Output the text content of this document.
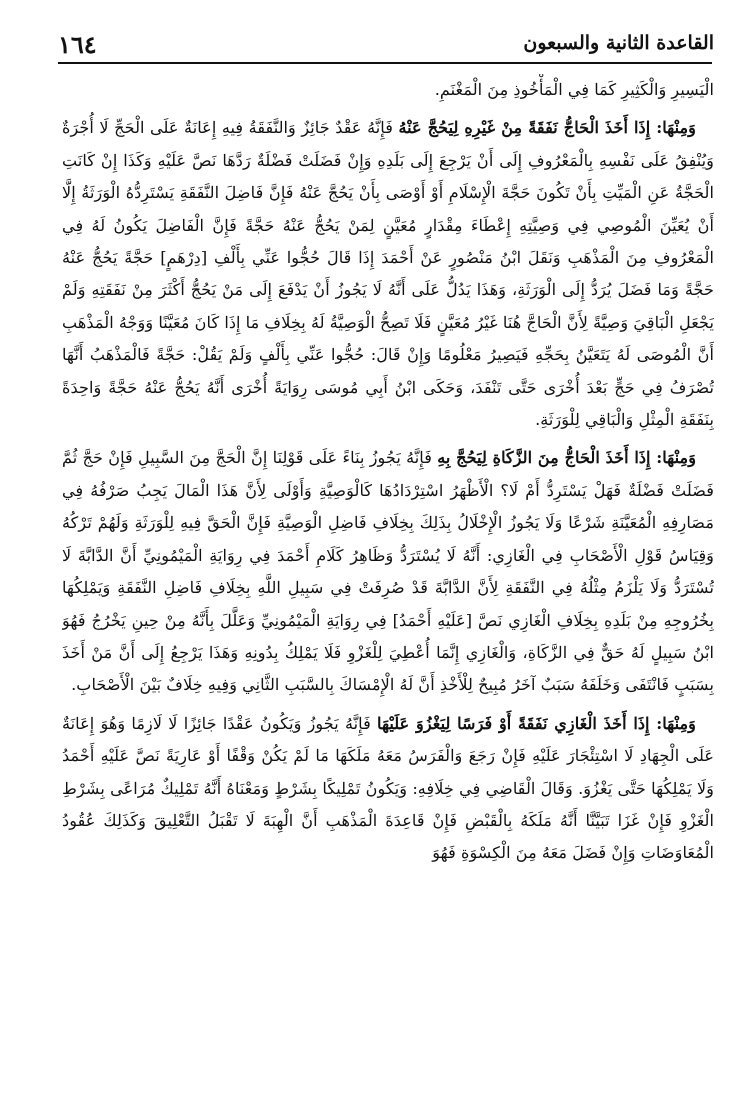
١٦٤	القاعدة الثانية والسبعون

الْيَسِيرِ وَالْكَثِيرِ كَمَا فِي الْمَأْخُوذِ مِنَ الْمَغْنَمِ.

وَمِنْهَا: إِذَا أَخَذَ الْحَاجُّ نَفَقَةً مِنْ غَيْرِهِ لِيَحُجَّ عَنْهُ فَإِنَّهُ عَقْدٌ جَائِزٌ وَالنَّفَقَةُ فِيهِ إِعَانَةٌ عَلَى الْحَجِّ لَا أُجْرَةٌ وَيُنْفِقُ عَلَى نَفْسِهِ بِالْمَعْرُوفِ إِلَى أَنْ يَرْجِعَ إِلَى بَلَدِهِ وَإِنْ فَضَلَتْ فَضْلَةٌ رَدَّهَا نَصَّ عَلَيْهِ وَكَذَا إِنْ كَانَتِ الْحَجَّةُ عَنِ الْمَيِّتِ بِأَنْ تَكُونَ حَجَّةَ الْإِسْلَامِ أَوْ أَوْصَى بِأَنْ يَحُجَّ عَنْهُ فَإِنَّ فَاضِلَ النَّفَقَةِ يَسْتَرِدُّهُ الْوَرَثَةُ إِلَّا أَنْ يُعَيِّنَ الْمُوصِي فِي وَصِيَّتِهِ إِعْطَاءَ مِقْدَارٍ مُعَيَّنٍ لِمَنْ يَحُجُّ عَنْهُ حَجَّةً فَإِنَّ الْفَاضِلَ يَكُونُ لَهُ فِي الْمَعْرُوفِ مِنَ الْمَذْهَبِ وَنَقَلَ ابْنُ مَنْصُورٍ عَنْ أَحْمَدَ إِذَا قَالَ حُجُّوا عَنِّي بِأَلْفِ [دِرْهَمٍ] حَجَّةً يَحُجُّ عَنْهُ حَجَّةً وَمَا فَضَلَ يُرَدُّ إِلَى الْوَرَثَةِ، وَهَذَا يَدُلُّ عَلَى أَنَّهُ لَا يَجُوزُ أَنْ يَدْفَعَ إِلَى مَنْ يَحُجُّ أَكْثَرَ مِنْ نَفَقَتِهِ وَلَمْ يَجْعَلِ الْبَاقِيَ وَصِيَّةً لِأَنَّ الْحَاجَّ هُنَا غَيْرُ مُعَيَّنٍ فَلَا تَصِحُّ الْوَصِيَّةُ لَهُ بِخِلَافِ مَا إِذَا كَانَ مُعَيَّنًا وَوَجْهُ الْمَذْهَبِ أَنَّ الْمُوصَى لَهُ يَتَعَيَّنُ بِحَجِّهِ فَيَصِيرُ مَعْلُومًا وَإِنْ قَالَ: حُجُّوا عَنِّي بِأَلْفٍ وَلَمْ يَقُلْ: حَجَّةً فَالْمَذْهَبُ أَنَّهَا تُصْرَفُ فِي حَجٍّ بَعْدَ أُخْرَى حَتَّى تَنْفَدَ، وَحَكَى ابْنُ أَبِي مُوسَى رِوَايَةً أُخْرَى أَنَّهُ يَحُجُّ عَنْهُ حَجَّةً وَاحِدَةً بِنَفَقَةِ الْمِثْلِ وَالْبَاقِي لِلْوَرَثَةِ.

وَمِنْهَا: إِذَا أَخَذَ الْحَاجُّ مِنَ الزَّكَاةِ لِيَحُجَّ بِهِ فَإِنَّهُ يَجُوزُ بِنَاءً عَلَى قَوْلِنَا إِنَّ الْحَجَّ مِنَ السَّبِيلِ فَإِنْ حَجَّ ثُمَّ فَضَلَتْ فَضْلَةٌ فَهَلْ يَسْتَرِدُّ أَمْ لَا؟ الْأَظْهَرُ اسْتِرْدَادُهَا كَالْوَصِيَّةِ وَأَوْلَى لِأَنَّ هَذَا الْمَالَ يَجِبُ صَرْفُهُ فِي مَصَارِفِهِ الْمُعَيَّنَةِ شَرْعًا وَلَا يَجُوزُ الْإِخْلَالُ بِذَلِكَ بِخِلَافِ فَاضِلِ الْوَصِيَّةِ فَإِنَّ الْحَقَّ فِيهِ لِلْوَرَثَةِ وَلَهُمْ تَرْكُهُ وَقِيَاسُ قَوْلِ الْأَصْحَابِ فِي الْغَازِي: أَنَّهُ لَا يُسْتَرَدُّ وَظَاهِرُ كَلَامِ أَحْمَدَ فِي رِوَايَةِ الْمَيْمُونِيِّ أَنَّ الدَّابَّةَ لَا تُسْتَرَدُّ وَلَا يَلْزَمُ مِثْلُهُ فِي النَّفَقَةِ لِأَنَّ الدَّابَّةَ قَدْ صُرِفَتْ فِي سَبِيلِ اللَّهِ بِخِلَافِ فَاضِلِ النَّفَقَةِ وَيَمْلِكُهَا بِخُرُوجِهِ مِنْ بَلَدِهِ بِخِلَافِ الْغَازِي نَصَّ [عَلَيْهِ أَحْمَدُ] فِي رِوَايَةِ الْمَيْمُونِيِّ وَعَلَّلَ بِأَنَّهُ مِنْ حِينِ يَخْرُجُ فَهُوَ ابْنُ سَبِيلٍ لَهُ حَقٌّ فِي الزَّكَاةِ، وَالْغَازِي إِنَّمَا أُعْطِيَ لِلْغَزْوِ فَلَا يَمْلِكُ بِدُونِهِ وَهَذَا يَرْجِعُ إِلَى أَنَّ مَنْ أَخَذَ بِسَبَبٍ فَانْتَفَى وَخَلَفَهُ سَبَبٌ آخَرُ مُبِيحٌ لِلْأَخْذِ أَنَّ لَهُ الْإِمْسَاكَ بِالسَّبَبِ الثَّانِي وَفِيهِ خِلَافٌ بَيْنَ الْأَصْحَابِ.

وَمِنْهَا: إِذَا أَخَذَ الْغَازِي نَفَقَةً أَوْ فَرَسًا لِيَغْزُوَ عَلَيْهَا فَإِنَّهُ يَجُوزُ وَيَكُونُ عَقْدًا جَائِزًا لَا لَازِمًا وَهُوَ إِعَانَةٌ عَلَى الْجِهَادِ لَا اسْتِئْجَارَ عَلَيْهِ فَإِنْ رَجَعَ وَالْفَرَسُ مَعَهُ مَلَكَهَا مَا لَمْ يَكُنْ وَقْفًا أَوْ عَارِيَةً نَصَّ عَلَيْهِ أَحْمَدُ وَلَا يَمْلِكُهَا حَتَّى يَغْزُوَ. وَقَالَ الْقَاضِي فِي خِلَافِهِ: وَيَكُونُ تَمْلِيكًا بِشَرْطٍ وَمَعْنَاهُ أَنَّهُ تَمْلِيكٌ مُرَاعًى بِشَرْطِ الْغَزْوِ فَإِنْ غَزَا تَبَيَّنَّا أَنَّهُ مَلَكَهُ بِالْقَبْضِ فَإِنْ قَاعِدَةَ الْمَذْهَبِ أَنَّ الْهِبَةَ لَا تَقْبَلُ التَّعْلِيقَ وَكَذَلِكَ عُقُودُ الْمُعَاوَضَاتِ وَإِنْ فَضَلَ مَعَهُ مِنَ الْكِسْوَةِ فَهُوَ
